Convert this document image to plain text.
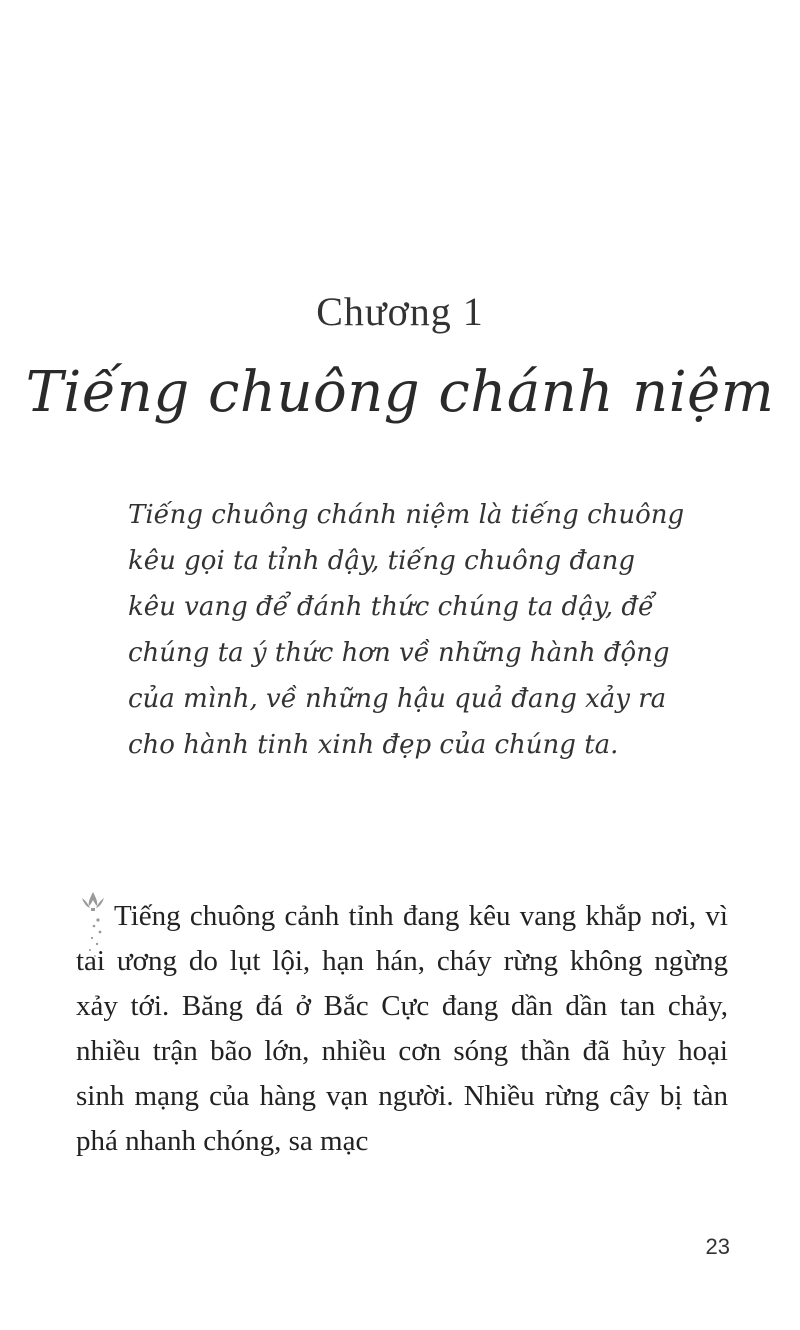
Chương 1
Tiếng chuông chánh niệm

Tiếng chuông chánh niệm là tiếng chuông kêu gọi ta tỉnh dậy, tiếng chuông đang kêu vang để đánh thức chúng ta dậy, để chúng ta ý thức hơn về những hành động của mình, về những hậu quả đang xảy ra cho hành tinh xinh đẹp của chúng ta.

Tiếng chuông cảnh tỉnh đang kêu vang khắp nơi, vì tai ương do lụt lội, hạn hán, cháy rừng không ngừng xảy tới. Băng đá ở Bắc Cực đang dần dần tan chảy, nhiều trận bão lớn, nhiều cơn sóng thần đã hủy hoại sinh mạng của hàng vạn người. Nhiều rừng cây bị tàn phá nhanh chóng, sa mạc

23
